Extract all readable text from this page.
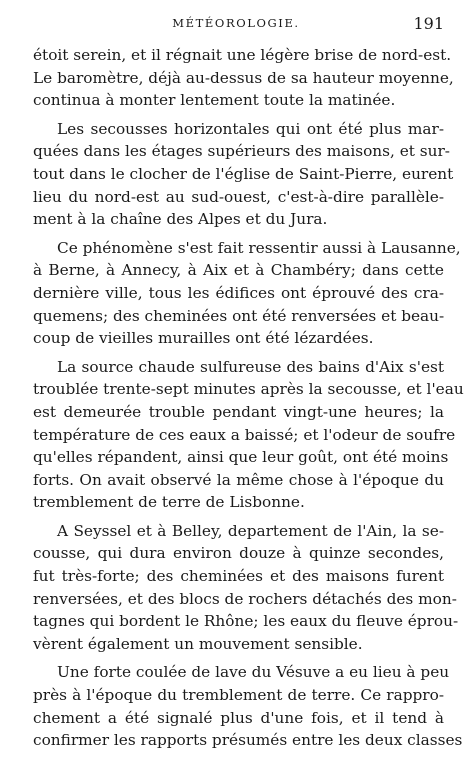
MÉTÉOROLOGIE.	191
étoit serein, et il régnait une légère brise de nord-est.
Le baromètre, déjà au-dessus de sa hauteur moyenne,
continua à monter lentement toute la matinée.
Les secousses horizontales qui ont été plus mar-
quées dans les étages supérieurs des maisons, et sur-
tout dans le clocher de l'église de Saint-Pierre, eurent
lieu du nord-est au sud-ouest, c'est-à-dire parallèle-
ment à la chaîne des Alpes et du Jura.
Ce phénomène s'est fait ressentir aussi à Lausanne,
à Berne, à Annecy, à Aix et à Chambéry; dans cette
dernière ville, tous les édifices ont éprouvé des cra-
quemens; des cheminées ont été renversées et beau-
coup de vieilles murailles ont été lézardées.
La source chaude sulfureuse des bains d'Aix s'est
troublée trente-sept minutes après la secousse, et l'eau
est demeurée trouble pendant vingt-une heures; la
température de ces eaux a baissé; et l'odeur de soufre
qu'elles répandent, ainsi que leur goût, ont été moins
forts. On avait observé la même chose à l'époque du
tremblement de terre de Lisbonne.
A Seyssel et à Belley, departement de l'Ain, la se-
cousse, qui dura environ douze à quinze secondes,
fut très-forte; des cheminées et des maisons furent
renversées, et des blocs de rochers détachés des mon-
tagnes qui bordent le Rhône; les eaux du fleuve éprou-
vèrent également un mouvement sensible.
Une forte coulée de lave du Vésuve a eu lieu à peu
près à l'époque du tremblement de terre. Ce rappro-
chement a été signalé plus d'une fois, et il tend à
confirmer les rapports présumés entre les deux classes
